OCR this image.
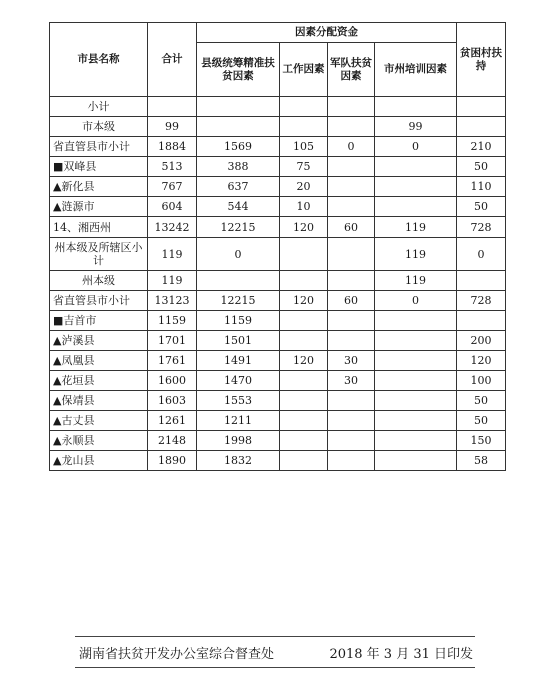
市县名称	合计	因素分配资金				贫困村扶持
		县级统筹精准扶贫因素	工作因素	军队扶贫因素	市州培训因素	
小计						
市本级	99				99	
省直管县市小计	1884	1569	105	0	0	210
■双峰县	513	388	75			50
▲新化县	767	637	20			110
▲涟源市	604	544	10			50
14、湘西州	13242	12215	120	60	119	728
州本级及所辖区小计	119	0			119	0
州本级	119				119	
省直管县市小计	13123	12215	120	60	0	728
■吉首市	1159	1159				
▲泸溪县	1701	1501				200
▲凤凰县	1761	1491	120	30		120
▲花垣县	1600	1470		30		100
▲保靖县	1603	1553				50
▲古丈县	1261	1211				50
▲永顺县	2148	1998				150
▲龙山县	1890	1832				58
湖南省扶贫开发办公室综合督查处	2018 年 3 月 31 日印发
